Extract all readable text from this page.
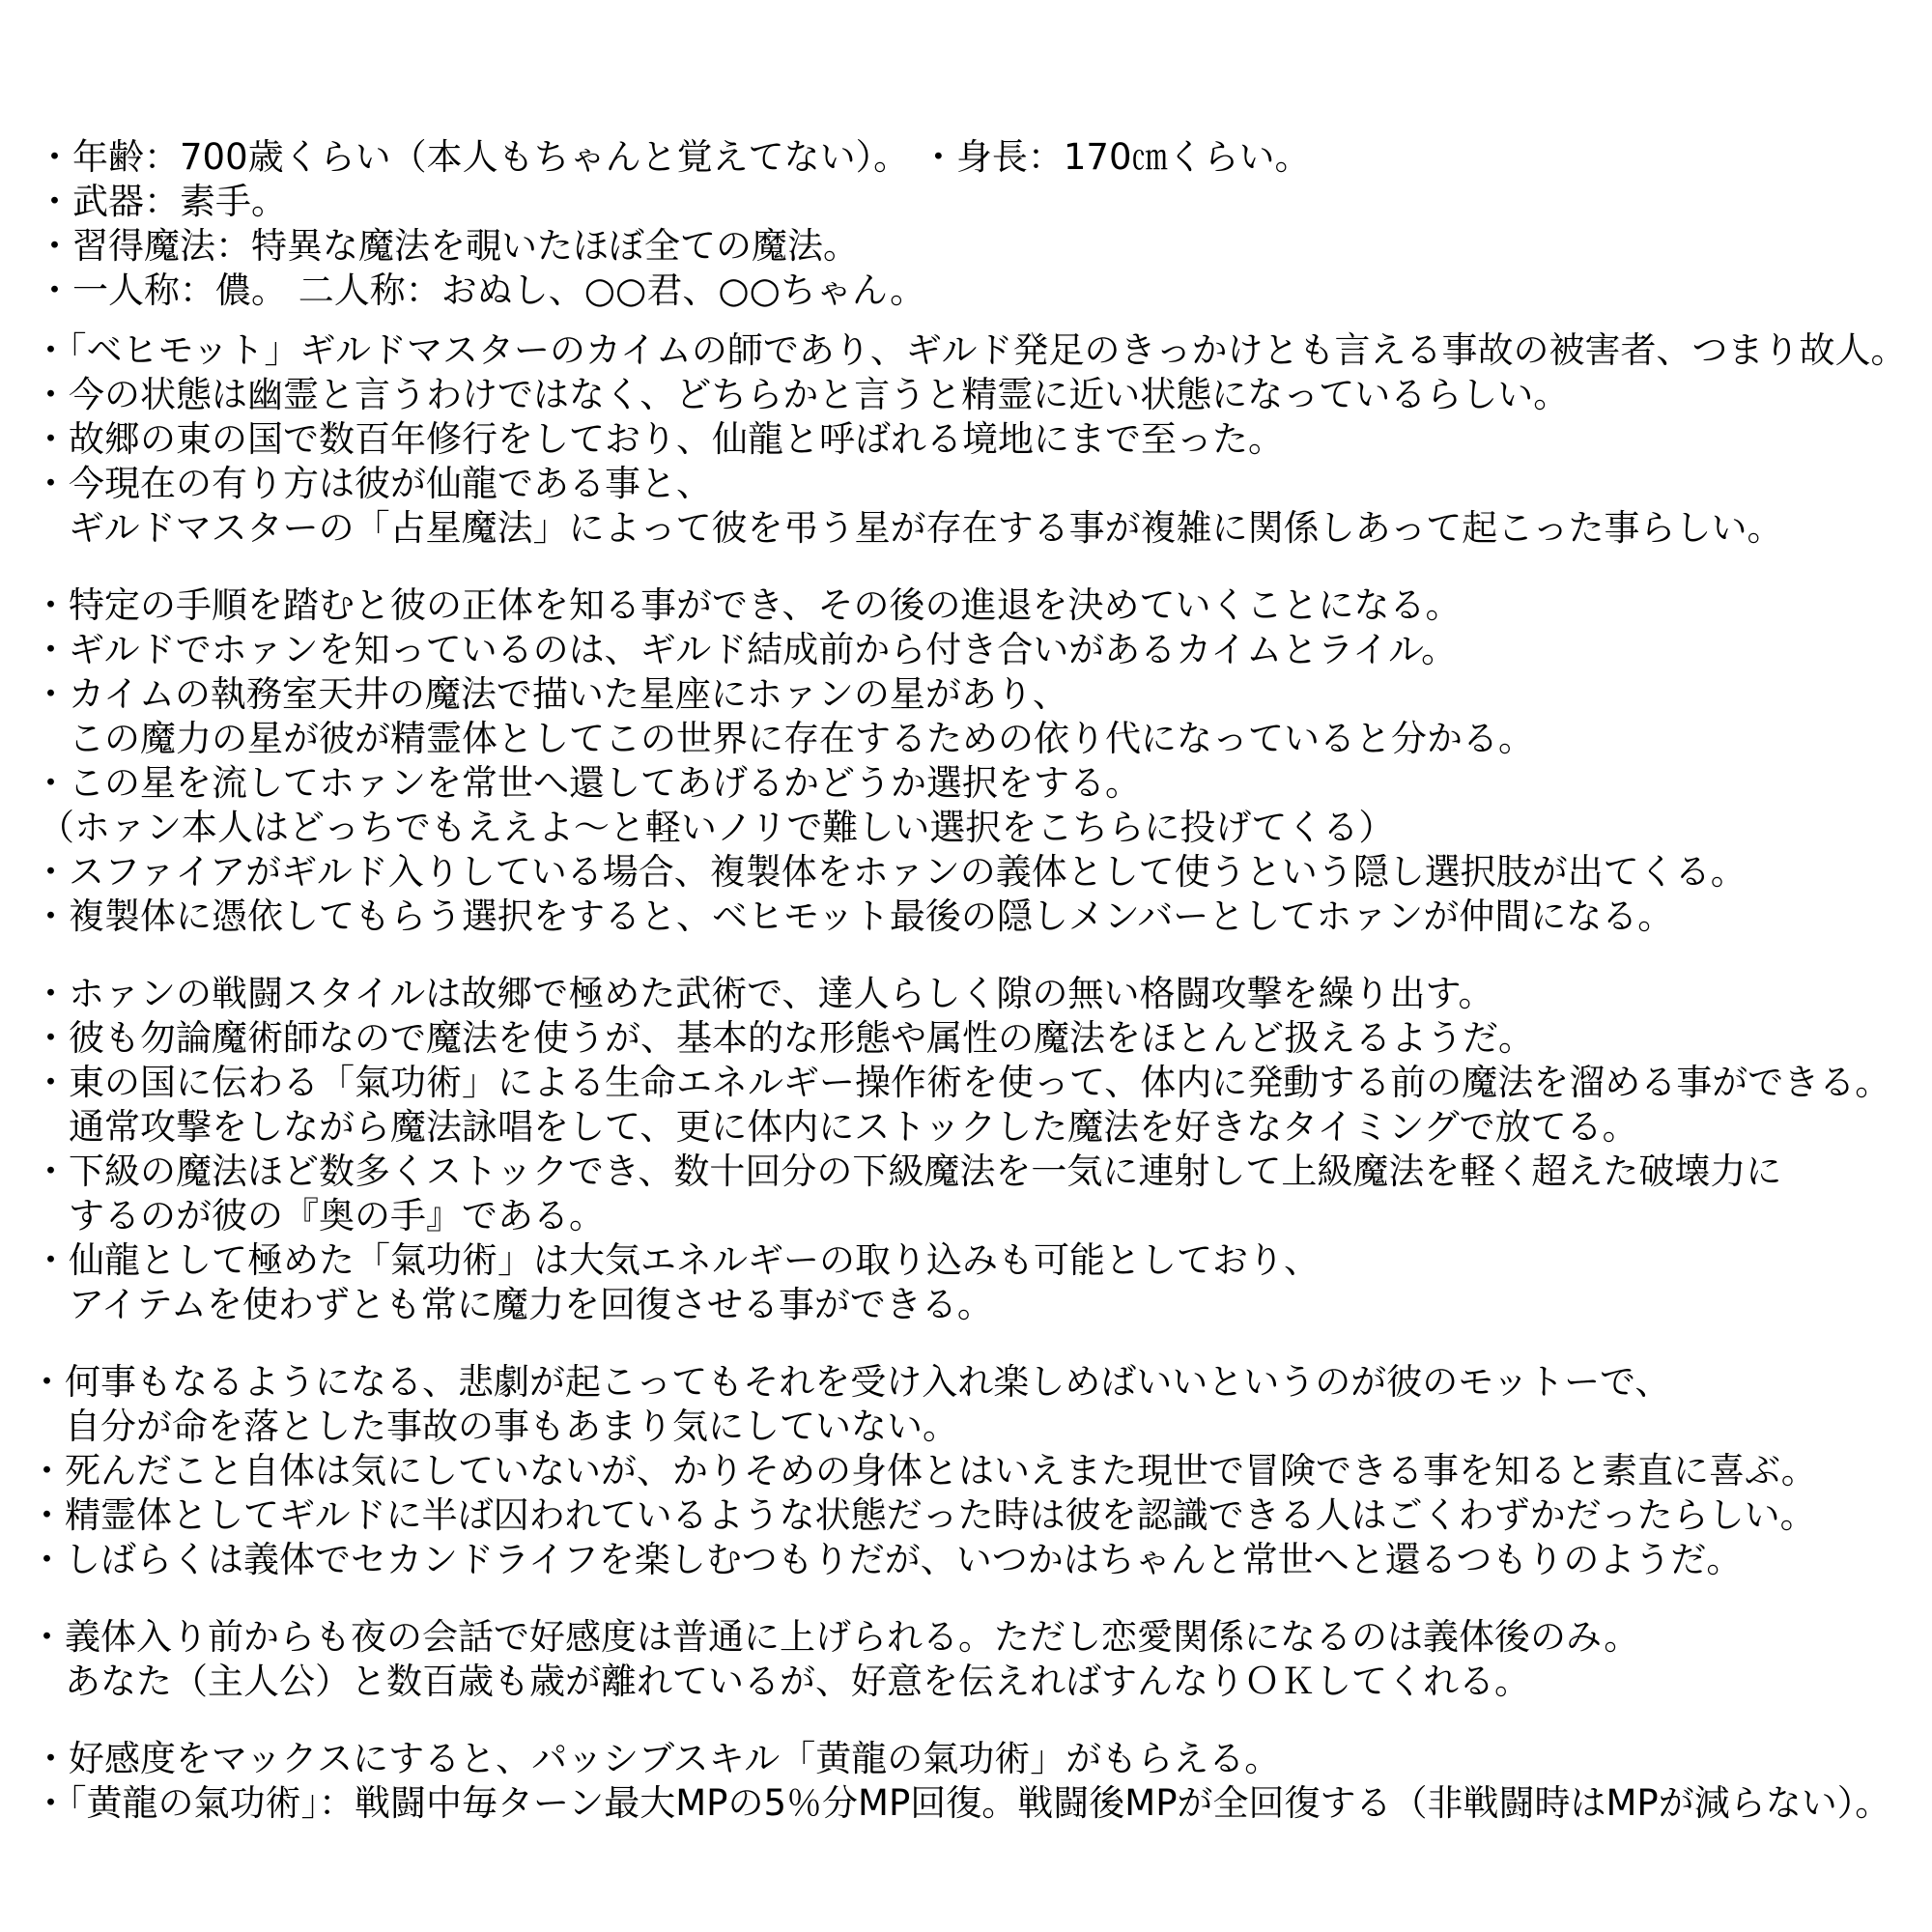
・年齢：700歳くらい（本人もちゃんと覚えてない）。 ・身長：170㎝くらい。
・武器：素手。
・習得魔法：特異な魔法を覗いたほぼ全ての魔法。
・一人称：儂。 二人称：おぬし、○○君、○○ちゃん。
・「ベヒモット」ギルドマスターのカイムの師であり、ギルド発足のきっかけとも言える事故の被害者、つまり故人。
・今の状態は幽霊と言うわけではなく、どちらかと言うと精霊に近い状態になっているらしい。
・故郷の東の国で数百年修行をしており、仙龍と呼ばれる境地にまで至った。
・今現在の有り方は彼が仙龍である事と、
　ギルドマスターの「占星魔法」によって彼を弔う星が存在する事が複雑に関係しあって起こった事らしい。
・特定の手順を踏むと彼の正体を知る事ができ、その後の進退を決めていくことになる。
・ギルドでホァンを知っているのは、ギルド結成前から付き合いがあるカイムとライル。
・カイムの執務室天井の魔法で描いた星座にホァンの星があり、
　この魔力の星が彼が精霊体としてこの世界に存在するための依り代になっていると分かる。
・この星を流してホァンを常世へ還してあげるかどうか選択をする。
（ホァン本人はどっちでもええよ～と軽いノリで難しい選択をこちらに投げてくる）
・スファイアがギルド入りしている場合、複製体をホァンの義体として使うという隠し選択肢が出てくる。
・複製体に憑依してもらう選択をすると、ベヒモット最後の隠しメンバーとしてホァンが仲間になる。
・ホァンの戦闘スタイルは故郷で極めた武術で、達人らしく隙の無い格闘攻撃を繰り出す。
・彼も勿論魔術師なので魔法を使うが、基本的な形態や属性の魔法をほとんど扱えるようだ。
・東の国に伝わる「氣功術」による生命エネルギー操作術を使って、体内に発動する前の魔法を溜める事ができる。
　通常攻撃をしながら魔法詠唱をして、更に体内にストックした魔法を好きなタイミングで放てる。
・下級の魔法ほど数多くストックでき、数十回分の下級魔法を一気に連射して上級魔法を軽く超えた破壊力に
　するのが彼の『奥の手』である。
・仙龍として極めた「氣功術」は大気エネルギーの取り込みも可能としており、
　アイテムを使わずとも常に魔力を回復させる事ができる。
・何事もなるようになる、悲劇が起こってもそれを受け入れ楽しめばいいというのが彼のモットーで、
　自分が命を落とした事故の事もあまり気にしていない。
・死んだこと自体は気にしていないが、かりそめの身体とはいえまた現世で冒険できる事を知ると素直に喜ぶ。
・精霊体としてギルドに半ば囚われているような状態だった時は彼を認識できる人はごくわずかだったらしい。
・しばらくは義体でセカンドライフを楽しむつもりだが、いつかはちゃんと常世へと還るつもりのようだ。
・義体入り前からも夜の会話で好感度は普通に上げられる。ただし恋愛関係になるのは義体後のみ。
　あなた（主人公）と数百歳も歳が離れているが、好意を伝えればすんなりＯＫしてくれる。
・好感度をマックスにすると、パッシブスキル「黄龍の氣功術」がもらえる。
・「黄龍の氣功術」：戦闘中毎ターン最大MPの5％分MP回復。戦闘後MPが全回復する（非戦闘時はMPが減らない）。
